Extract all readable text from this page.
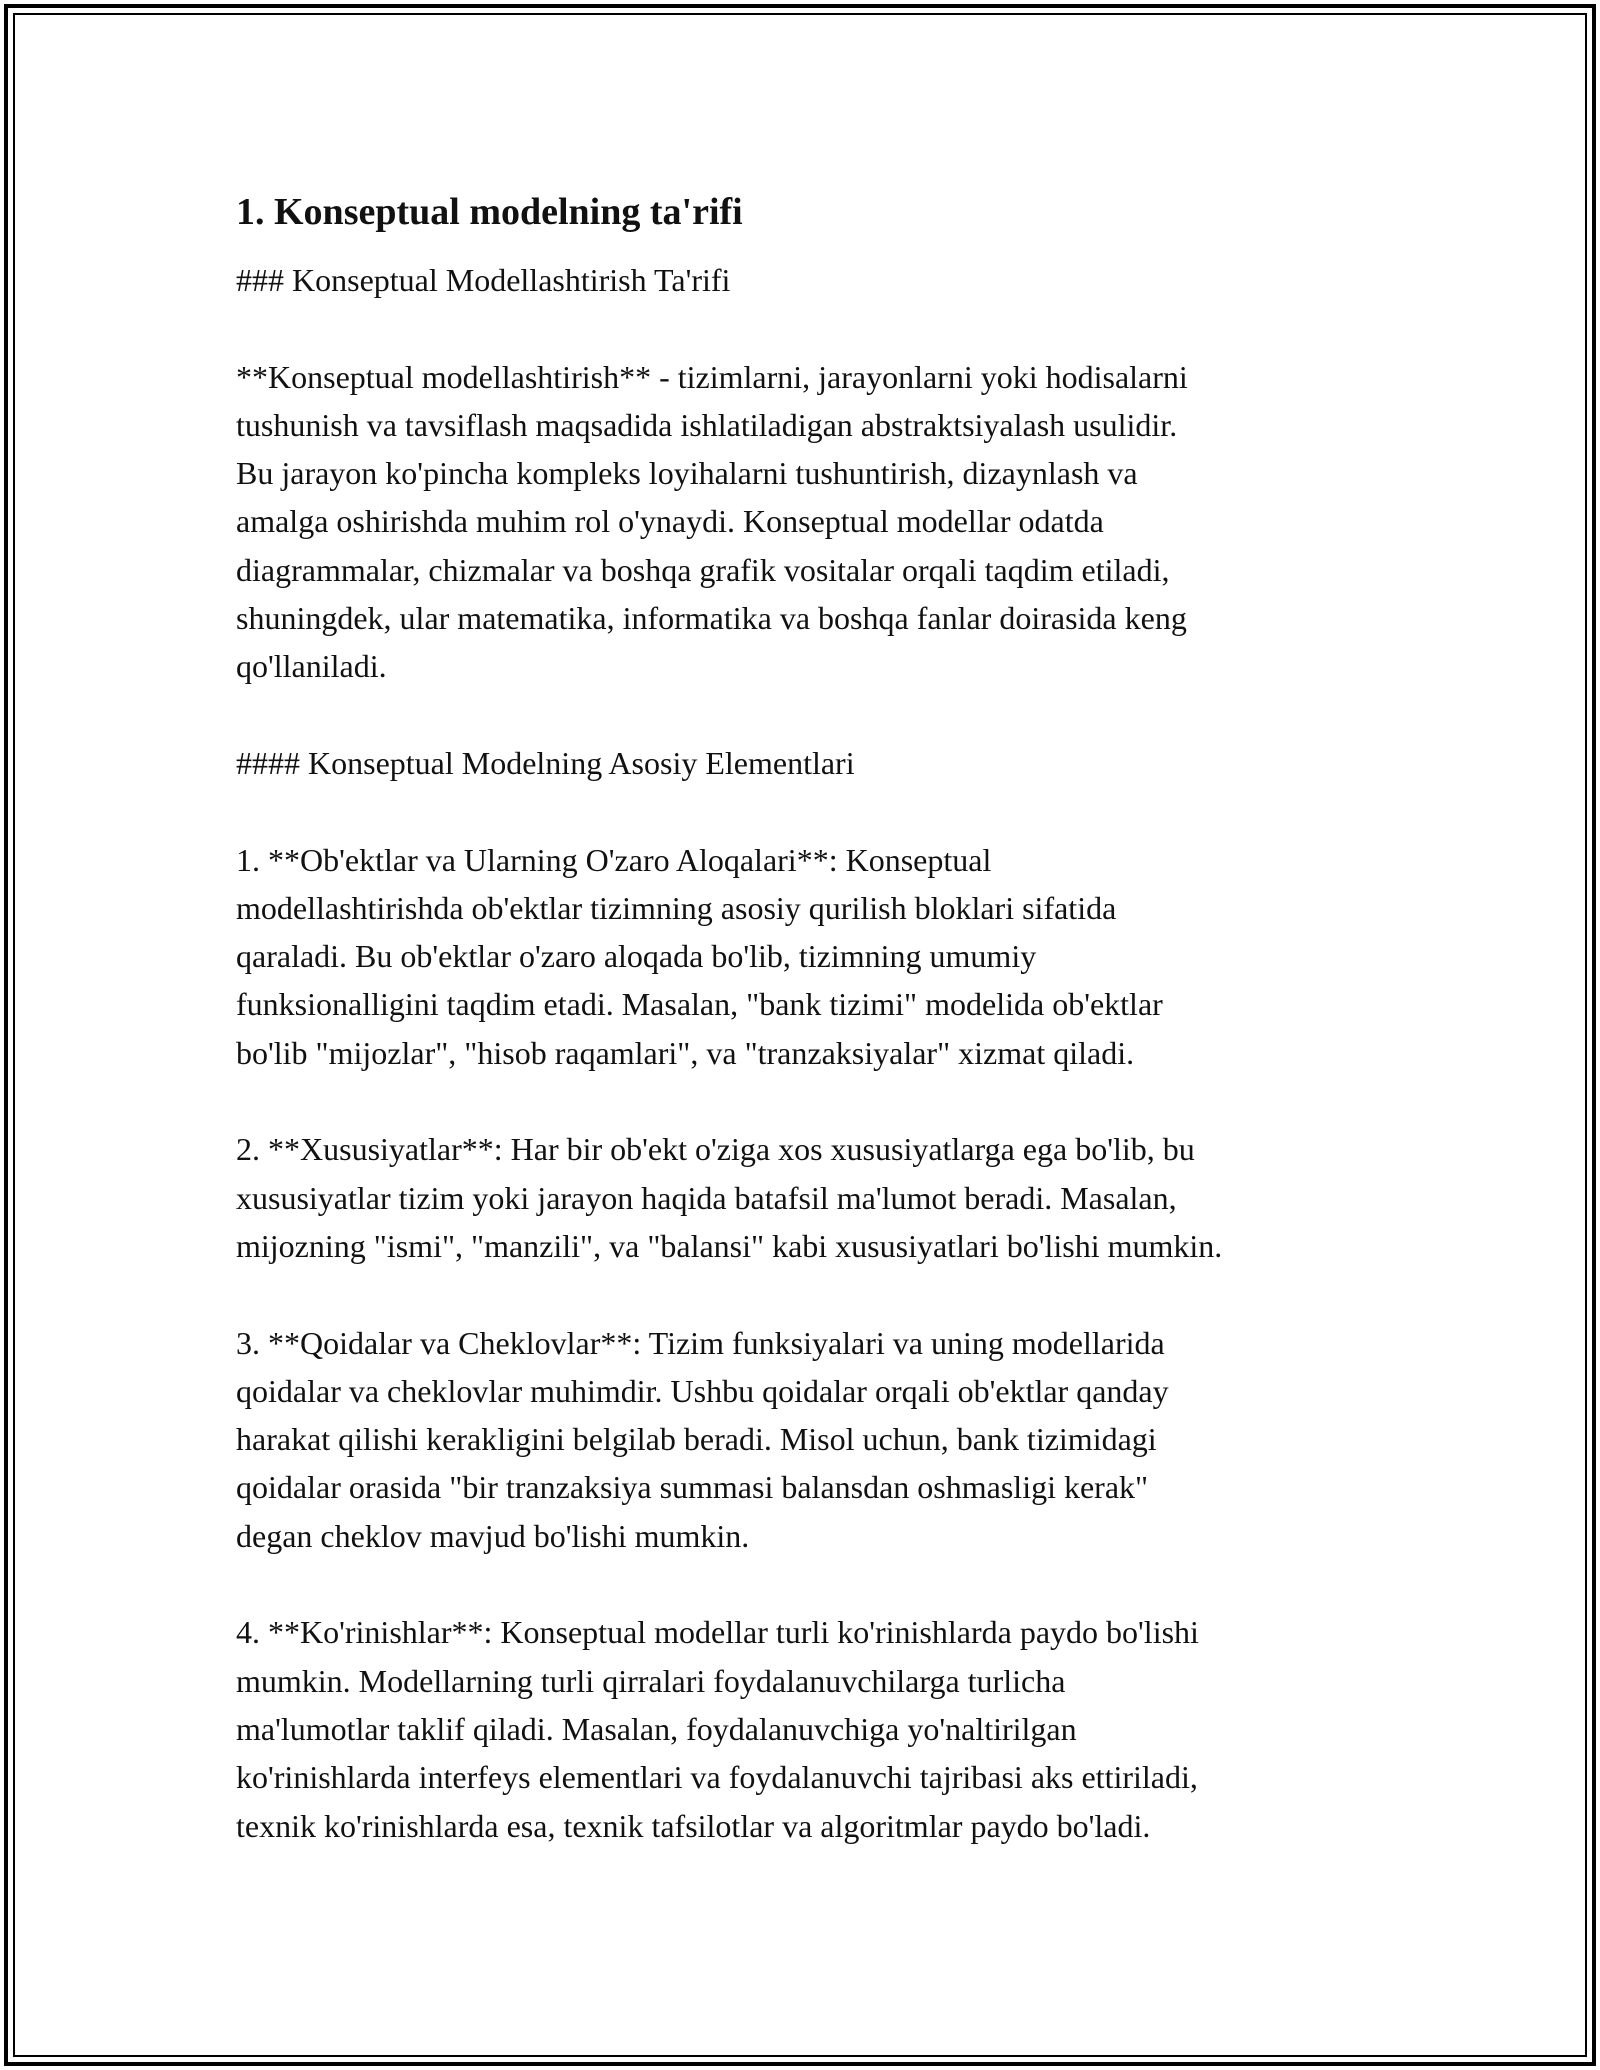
1. Konseptual modelning ta'rifi

### Konseptual Modellashtirish Ta'rifi

**Konseptual modellashtirish** - tizimlarni, jarayonlarni yoki hodisalarni

tushunish va tavsiflash maqsadida ishlatiladigan abstraktsiyalash usulidir.

Bu jarayon ko'pincha kompleks loyihalarni tushuntirish, dizaynlash va

amalga oshirishda muhim rol o'ynaydi. Konseptual modellar odatda

diagrammalar, chizmalar va boshqa grafik vositalar orqali taqdim etiladi,

shuningdek, ular matematika, informatika va boshqa fanlar doirasida keng

qo'llaniladi.

#### Konseptual Modelning Asosiy Elementlari

1. **Ob'ektlar va Ularning O'zaro Aloqalari**: Konseptual

modellashtirishda ob'ektlar tizimning asosiy qurilish bloklari sifatida

qaraladi. Bu ob'ektlar o'zaro aloqada bo'lib, tizimning umumiy

funksionalligini taqdim etadi. Masalan, "bank tizimi" modelida ob'ektlar

bo'lib "mijozlar", "hisob raqamlari", va "tranzaksiyalar" xizmat qiladi.

2. **Xususiyatlar**: Har bir ob'ekt o'ziga xos xususiyatlarga ega bo'lib, bu

xususiyatlar tizim yoki jarayon haqida batafsil ma'lumot beradi. Masalan,

mijozning "ismi", "manzili", va "balansi" kabi xususiyatlari bo'lishi mumkin.

3. **Qoidalar va Cheklovlar**: Tizim funksiyalari va uning modellarida

qoidalar va cheklovlar muhimdir. Ushbu qoidalar orqali ob'ektlar qanday

harakat qilishi kerakligini belgilab beradi. Misol uchun, bank tizimidagi

qoidalar orasida "bir tranzaksiya summasi balansdan oshmasligi kerak"

degan cheklov mavjud bo'lishi mumkin.

4. **Ko'rinishlar**: Konseptual modellar turli ko'rinishlarda paydo bo'lishi

mumkin. Modellarning turli qirralari foydalanuvchilarga turlicha

ma'lumotlar taklif qiladi. Masalan, foydalanuvchiga yo'naltirilgan

ko'rinishlarda interfeys elementlari va foydalanuvchi tajribasi aks ettiriladi,

texnik ko'rinishlarda esa, texnik tafsilotlar va algoritmlar paydo bo'ladi.
